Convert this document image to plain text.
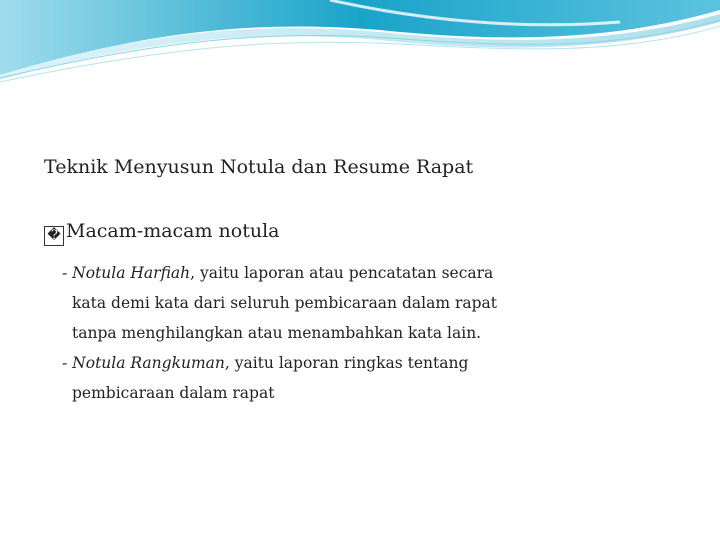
Teknik Menyusun Notula dan Resume Rapat
� Macam-macam notula
- Notula Harfiah, yaitu laporan atau pencatatan secara
kata demi kata dari seluruh pembicaraan dalam rapat
tanpa menghilangkan atau menambahkan kata lain.
- Notula Rangkuman, yaitu laporan ringkas tentang
pembicaraan dalam rapat
